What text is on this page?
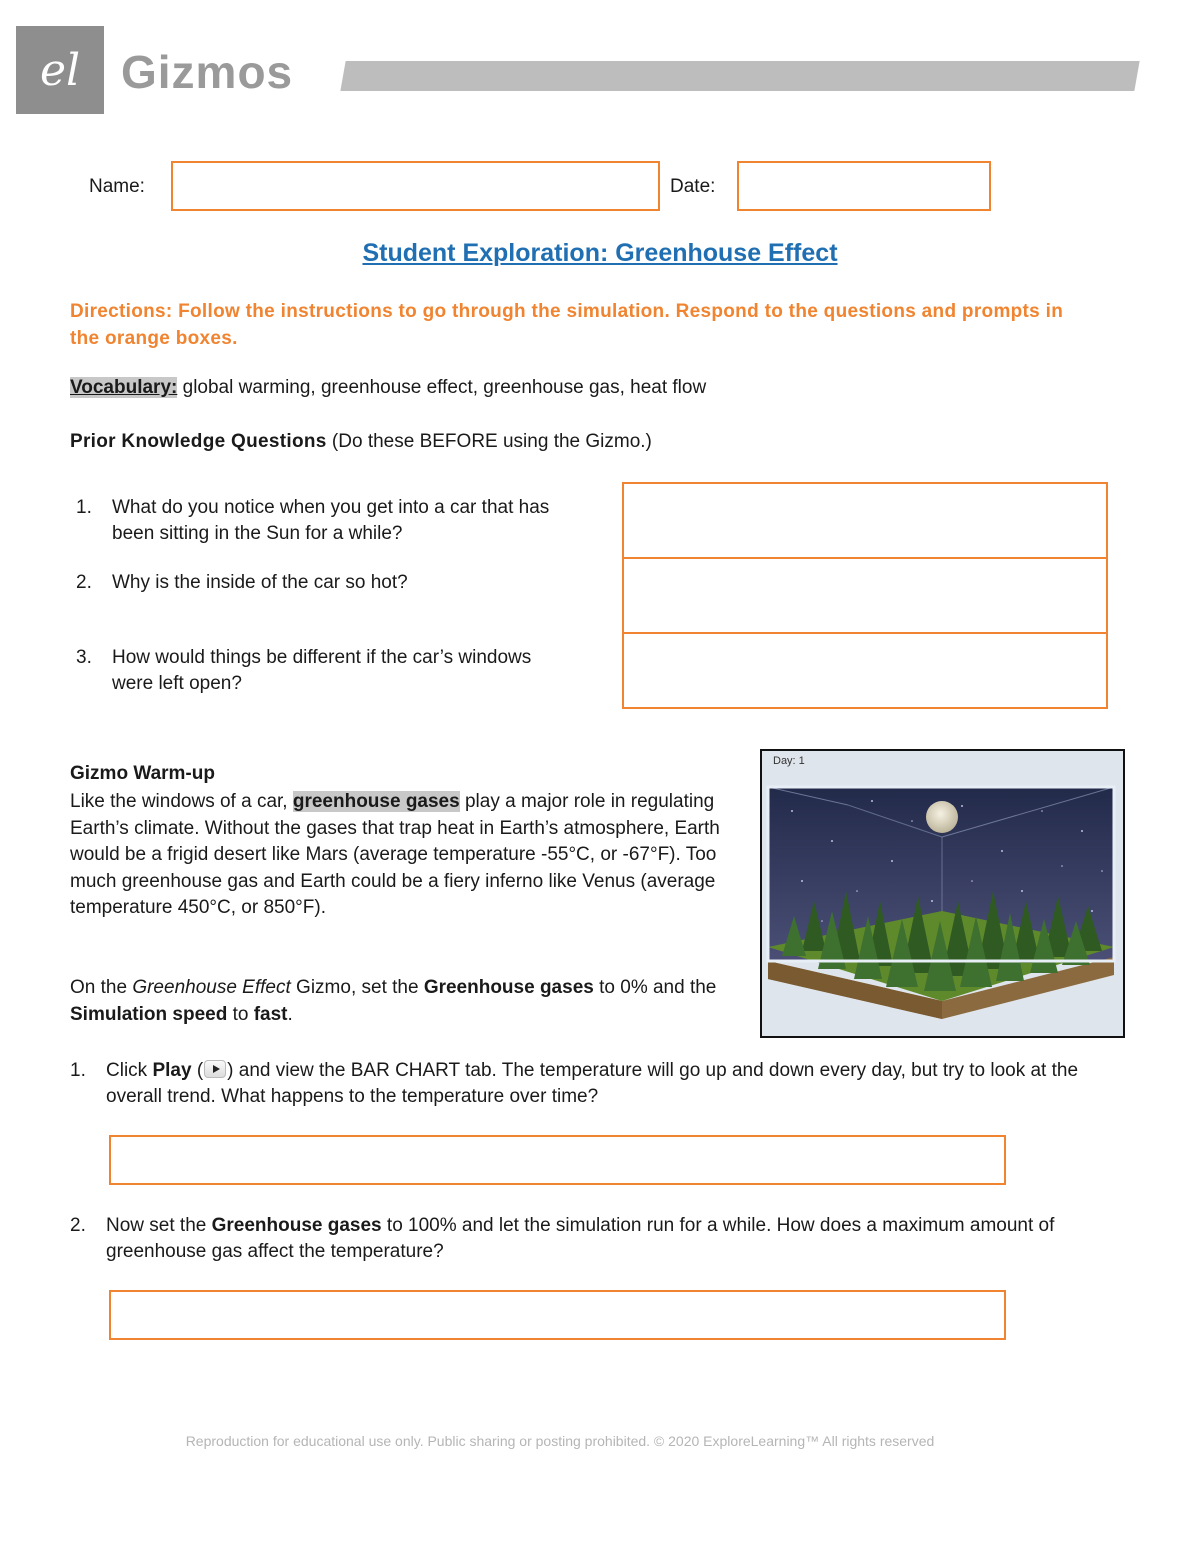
el Gizmos
Name:	Date:
Student Exploration: Greenhouse Effect
Directions: Follow the instructions to go through the simulation. Respond to the questions and prompts in the orange boxes.
Vocabulary: global warming, greenhouse effect, greenhouse gas, heat flow
Prior Knowledge Questions (Do these BEFORE using the Gizmo.)
1. What do you notice when you get into a car that has
been sitting in the Sun for a while?
2. Why is the inside of the car so hot?
3. How would things be different if the car’s windows
were left open?
Gizmo Warm-up
Like the windows of a car, greenhouse gases play a major role in regulating Earth’s climate. Without the gases that trap heat in Earth’s atmosphere, Earth would be a frigid desert like Mars (average temperature -55°C, or -67°F). Too much greenhouse gas and Earth could be a fiery inferno like Venus (average temperature 450°C, or 850°F).
On the Greenhouse Effect Gizmo, set the Greenhouse gases to 0% and the Simulation speed to fast.
Day: 1
1. Click Play ( ) and view the BAR CHART tab. The temperature will go up and down every day, but try to look at the overall trend. What happens to the temperature over time?
2. Now set the Greenhouse gases to 100% and let the simulation run for a while. How does a maximum amount of greenhouse gas affect the temperature?
Reproduction for educational use only. Public sharing or posting prohibited. © 2020 ExploreLearning™ All rights reserved
